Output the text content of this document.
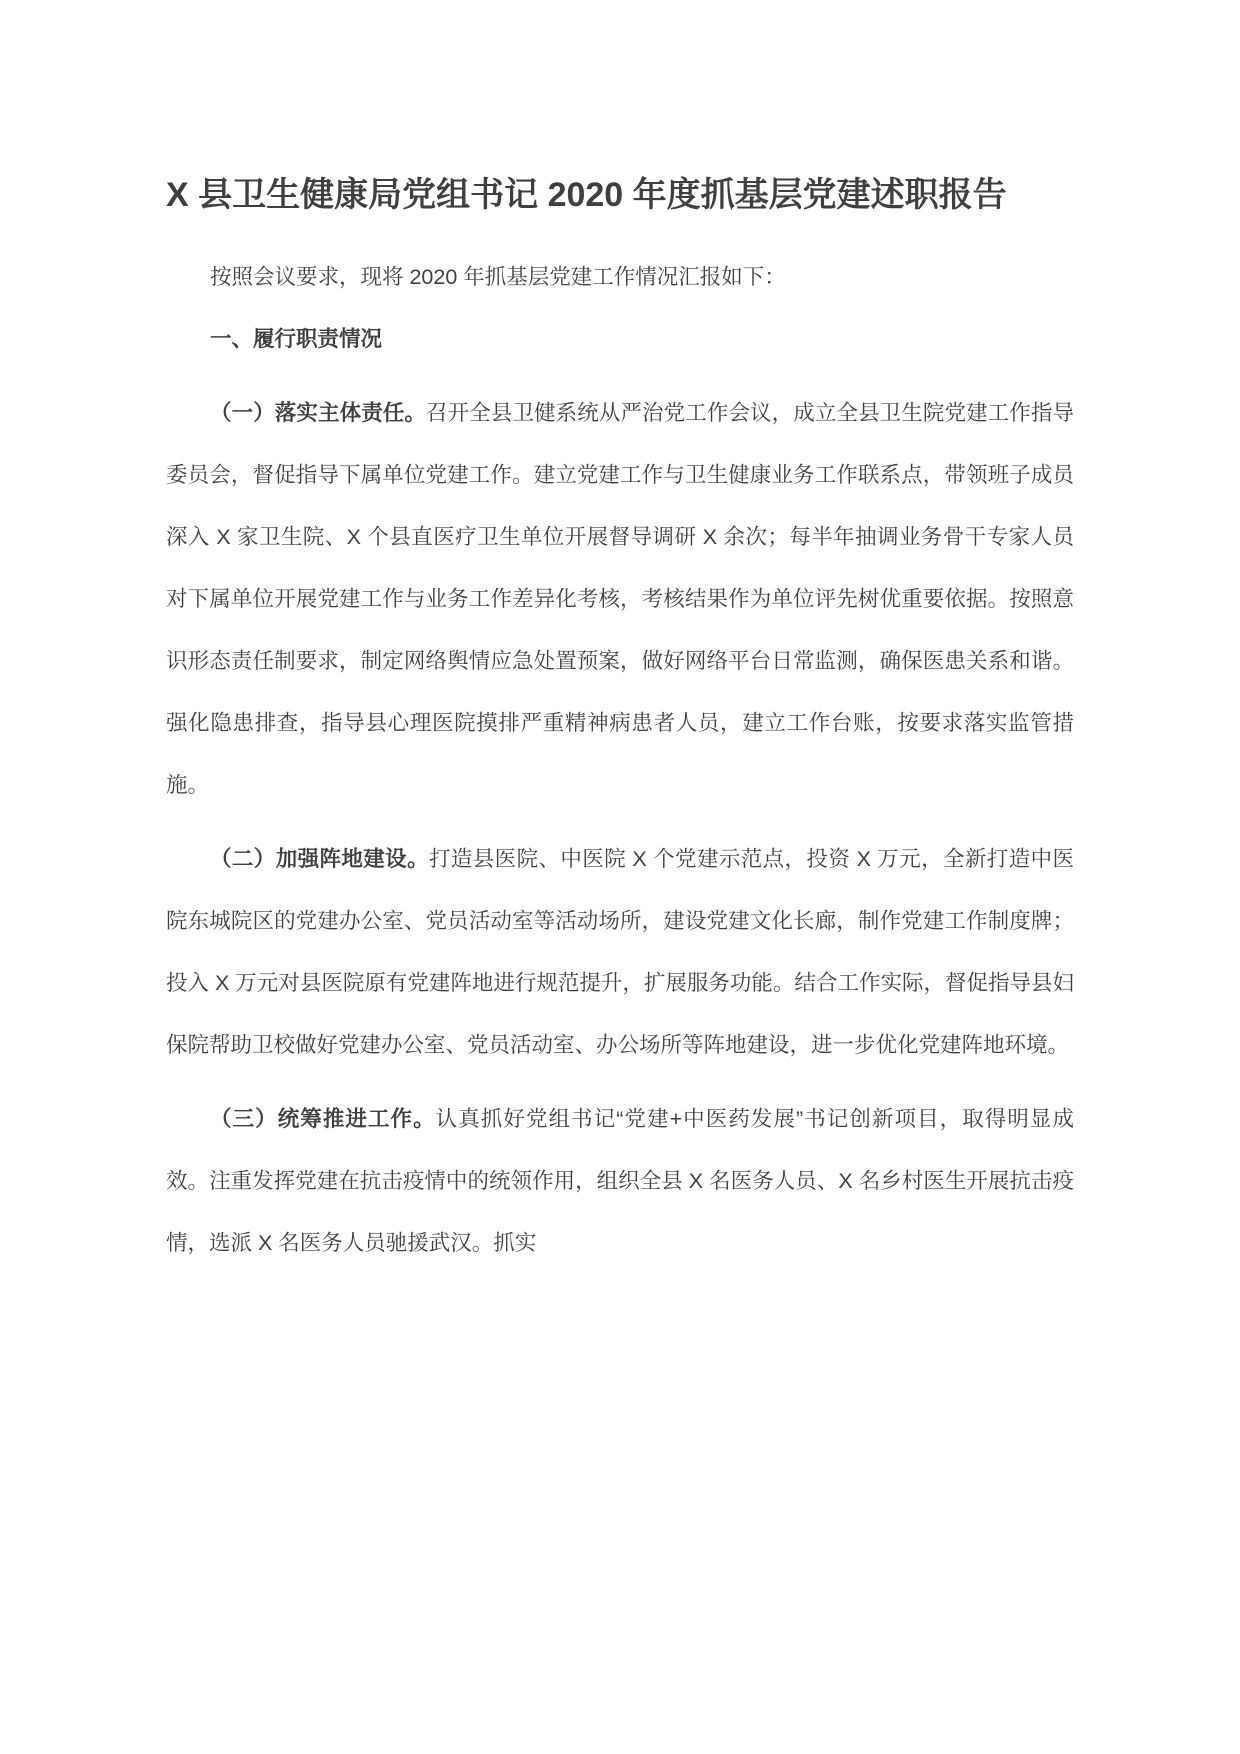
X 县卫生健康局党组书记 2020 年度抓基层党建述职报告

按照会议要求，现将 2020 年抓基层党建工作情况汇报如下：

一、履行职责情况

（一）落实主体责任。召开全县卫健系统从严治党工作会议，成立全县卫生院党建工作指导委员会，督促指导下属单位党建工作。建立党建工作与卫生健康业务工作联系点，带领班子成员深入 X 家卫生院、X 个县直医疗卫生单位开展督导调研 X 余次；每半年抽调业务骨干专家人员对下属单位开展党建工作与业务工作差异化考核，考核结果作为单位评先树优重要依据。按照意识形态责任制要求，制定网络舆情应急处置预案，做好网络平台日常监测，确保医患关系和谐。强化隐患排查，指导县心理医院摸排严重精神病患者人员，建立工作台账，按要求落实监管措施。

（二）加强阵地建设。打造县医院、中医院 X 个党建示范点，投资 X 万元，全新打造中医院东城院区的党建办公室、党员活动室等活动场所，建设党建文化长廊，制作党建工作制度牌；投入 X 万元对县医院原有党建阵地进行规范提升，扩展服务功能。结合工作实际，督促指导县妇保院帮助卫校做好党建办公室、党员活动室、办公场所等阵地建设，进一步优化党建阵地环境。

（三）统筹推进工作。认真抓好党组书记“党建+中医药发展”书记创新项目，取得明显成效。注重发挥党建在抗击疫情中的统领作用，组织全县 X 名医务人员、X 名乡村医生开展抗击疫情，选派 X 名医务人员驰援武汉。抓实
